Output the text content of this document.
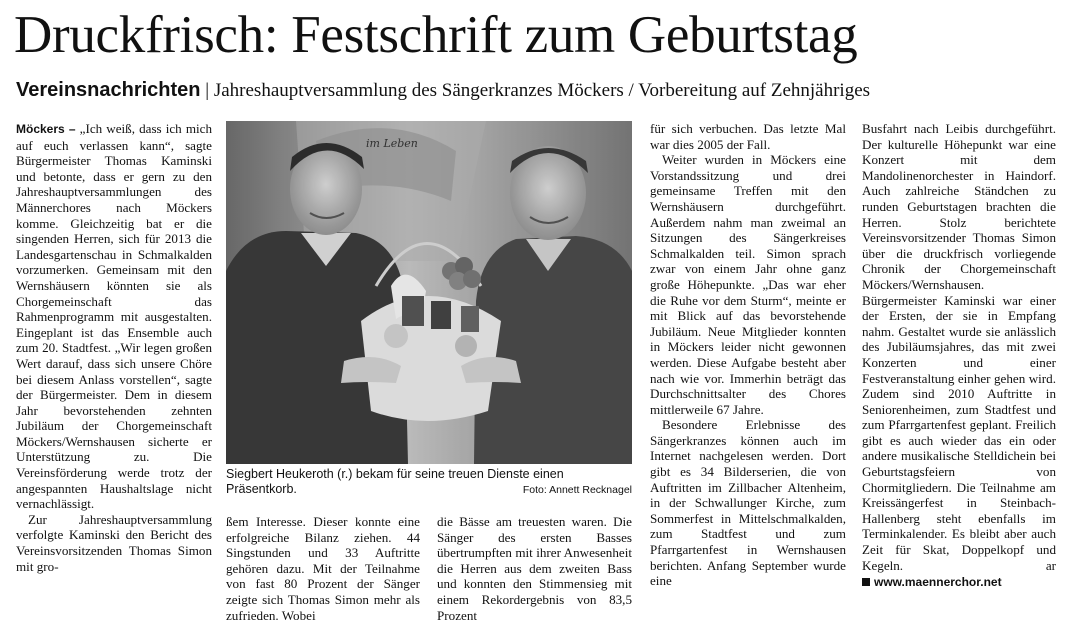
Druckfrisch: Festschrift zum Geburtstag
Vereinsnachrichten | Jahreshauptversammlung des Sängerkranzes Möckers / Vorbereitung auf Zehnjähriges

Möckers – „Ich weiß, dass ich mich auf euch verlassen kann“, sagte Bürgermeister Thomas Kaminski und betonte, dass er gern zu den Jahreshauptversammlungen des Männerchores nach Möckers komme. Gleichzeitig bat er die singenden Herren, sich für 2013 die Landesgartenschau in Schmalkalden vorzumerken. Gemeinsam mit den Wernshäusern könnten sie als Chorgemeinschaft das Rahmenprogramm mit ausgestalten. Eingeplant ist das Ensemble auch zum 20. Stadtfest. „Wir legen großen Wert darauf, dass sich unsere Chöre bei diesem Anlass vorstellen“, sagte der Bürgermeister. Dem in diesem Jahr bevorstehenden zehnten Jubiläum der Chorgemeinschaft Möckers/Wernshausen sicherte er Unterstützung zu. Die Vereinsförderung werde trotz der angespannten Haushaltslage nicht vernachlässigt.

Zur Jahreshauptversammlung verfolgte Kaminski den Bericht des Vereinsvorsitzenden Thomas Simon mit gro-

im Leben
Siegbert Heukeroth (r.) bekam für seine treuen Dienste einen Präsentkorb.	Foto: Annett Recknagel

ßem Interesse. Dieser konnte eine erfolgreiche Bilanz ziehen. 44 Singstunden und 33 Auftritte gehören dazu. Mit der Teilnahme von fast 80 Prozent der Sänger zeigte sich Thomas Simon mehr als zufrieden. Wobei

die Bässe am treuesten waren. Die Sänger des ersten Basses übertrumpften mit ihrer Anwesenheit die Herren aus dem zweiten Bass und konnten den Stimmensieg mit einem Rekordergebnis von 83,5 Prozent

für sich verbuchen. Das letzte Mal war dies 2005 der Fall.

Weiter wurden in Möckers eine Vorstandssitzung und drei gemeinsame Treffen mit den Wernshäusern durchgeführt. Außerdem nahm man zweimal an Sitzungen des Sängerkreises Schmalkalden teil. Simon sprach zwar von einem Jahr ohne ganz große Höhepunkte. „Das war eher die Ruhe vor dem Sturm“, meinte er mit Blick auf das bevorstehende Jubiläum. Neue Mitglieder konnten in Möckers leider nicht gewonnen werden. Diese Aufgabe besteht aber nach wie vor. Immerhin beträgt das Durchschnittsalter des Chores mittlerweile 67 Jahre.

Besondere Erlebnisse des Sängerkranzes können auch im Internet nachgelesen werden. Dort gibt es 34 Bilderserien, die von Auftritten im Zillbacher Altenheim, in der Schwallunger Kirche, zum Sommerfest in Mittelschmalkalden, zum Stadtfest und zum Pfarrgartenfest in Wernshausen berichten. Anfang September wurde eine

Busfahrt nach Leibis durchgeführt. Der kulturelle Höhepunkt war eine Konzert mit dem Mandolinenorchester in Haindorf. Auch zahlreiche Ständchen zu runden Geburtstagen brachten die Herren. Stolz berichtete Vereinsvorsitzender Thomas Simon über die druckfrisch vorliegende Chronik der Chorgemeinschaft Möckers/Wernshausen. Bürgermeister Kaminski war einer der Ersten, der sie in Empfang nahm. Gestaltet wurde sie anlässlich des Jubiläumsjahres, das mit zwei Konzerten und einer Festveranstaltung einher gehen wird. Zudem sind 2010 Auftritte in Seniorenheimen, zum Stadtfest und zum Pfarrgartenfest geplant. Freilich gibt es auch wieder das ein oder andere musikalische Stelldichein bei Geburtstagsfeiern von Chormitgliedern. Die Teilnahme am Kreissängerfest in Steinbach-Hallenberg steht ebenfalls im Terminkalender. Es bleibt aber auch Zeit für Skat, Doppelkopf und Kegeln.	ar

www.maennerchor.net
